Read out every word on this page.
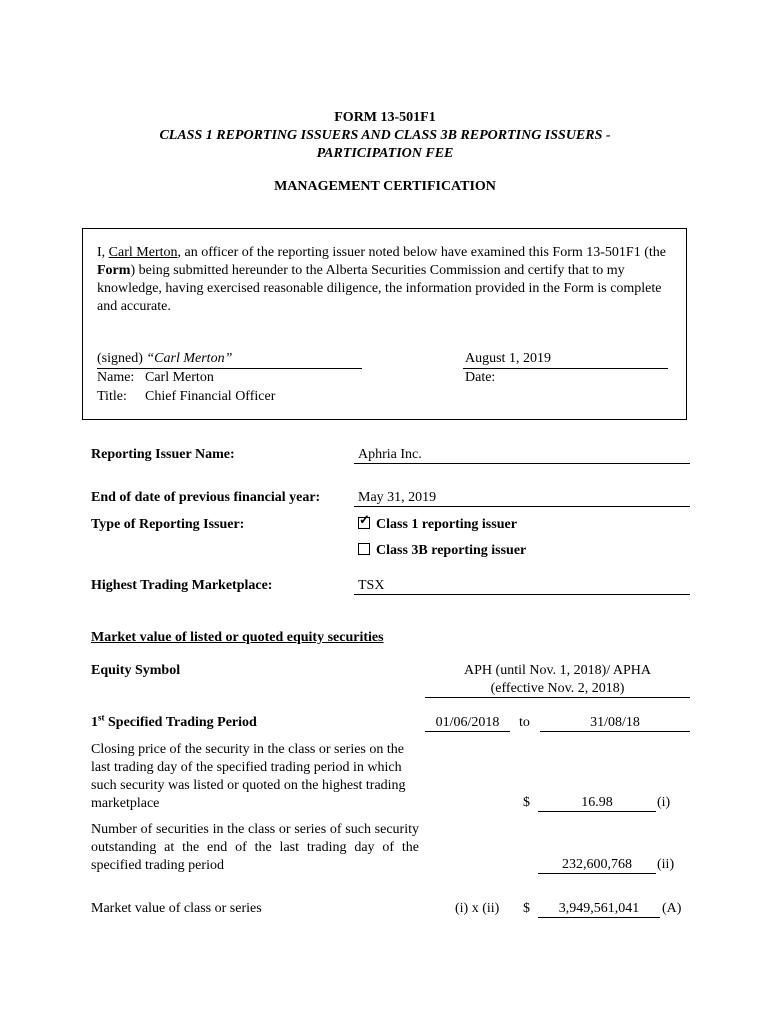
FORM 13-501F1
CLASS 1 REPORTING ISSUERS AND CLASS 3B REPORTING ISSUERS -
PARTICIPATION FEE
MANAGEMENT CERTIFICATION
I, Carl Merton, an officer of the reporting issuer noted below have examined this Form 13-501F1 (the Form) being submitted hereunder to the Alberta Securities Commission and certify that to my knowledge, having exercised reasonable diligence, the information provided in the Form is complete and accurate.
(signed) “Carl Merton”
Name: Carl Merton
Title: Chief Financial Officer
August 1, 2019
Date:
Reporting Issuer Name:	Aphria Inc.
End of date of previous financial year:	May 31, 2019
Type of Reporting Issuer:	✓ Class 1 reporting issuer
Class 3B reporting issuer
Highest Trading Marketplace:	TSX
Market value of listed or quoted equity securities
Equity Symbol	APH (until Nov. 1, 2018)/ APHA
(effective Nov. 2, 2018)
1st Specified Trading Period	01/06/2018	to	31/08/18
Closing price of the security in the class or series on the last trading day of the specified trading period in which such security was listed or quoted on the highest trading marketplace	$	16.98	(i)
Number of securities in the class or series of such security outstanding at the end of the last trading day of the specified trading period	232,600,768	(ii)
Market value of class or series	(i) x (ii) $	3,949,561,041	(A)
